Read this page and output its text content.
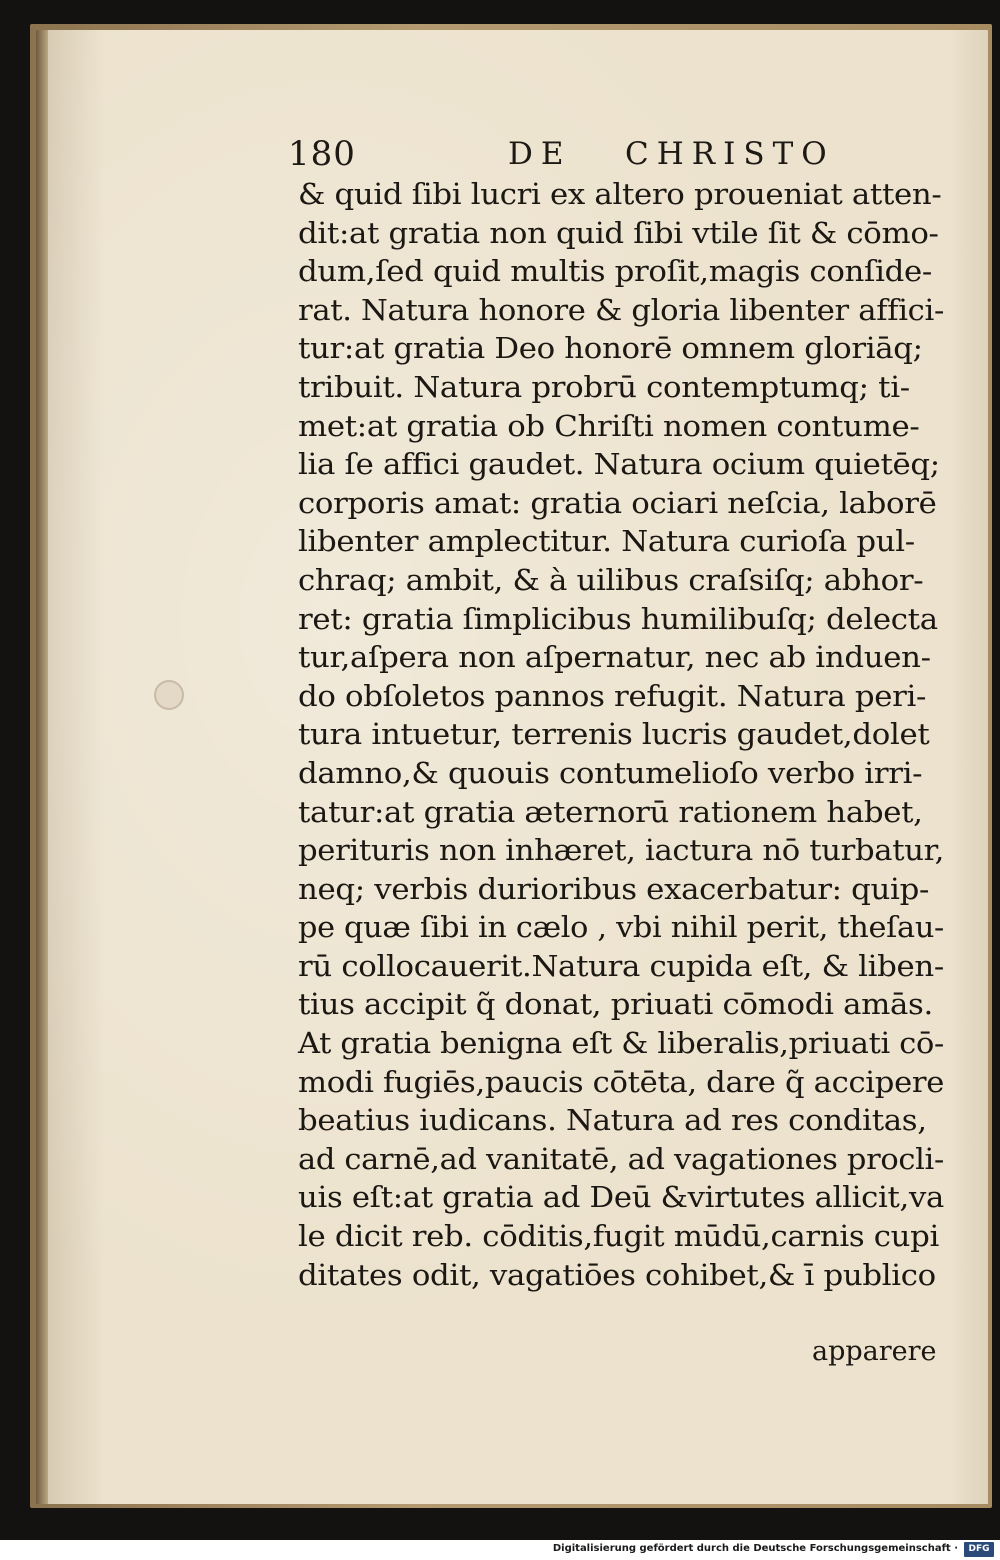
180	DE   CHRISTO
& quid ſibi lucri ex altero proueniat atten-
dit:at gratia non quid ſibi vtile ſit & cōmo-
dum,ſed quid multis proſit,magis conſide-
rat. Natura honore & gloria libenter affici-
tur:at gratia Deo honorē omnem gloriāq;
tribuit. Natura probrū contemptumq; ti-
met:at gratia ob Chriſti nomen contume-
lia ſe affici gaudet. Natura ocium quietēq;
corporis amat: gratia ociari neſcia, laborē
libenter amplectitur. Natura curioſa pul-
chraq; ambit, & à uilibus craſsiſq; abhor-
ret: gratia ſimplicibus humilibuſq; delecta
tur,aſpera non aſpernatur, nec ab induen-
do obſoletos pannos refugit. Natura peri-
tura intuetur, terrenis lucris gaudet,dolet
damno,& quouis contumelioſo verbo irri-
tatur:at gratia æternorū rationem habet,
perituris non inhæret, iactura nō turbatur,
neq; verbis durioribus exacerbatur: quip-
pe quæ ſibi in cælo , vbi nihil perit, theſau-
rū collocauerit.Natura cupida eſt, & liben-
tius accipit q̃ donat, priuati cōmodi amās.
At gratia benigna eſt & liberalis,priuati cō-
modi fugiēs,paucis cōtēta, dare q̃ accipere
beatius iudicans. Natura ad res conditas,
ad carnē,ad vanitatē, ad vagationes procli-
uis eſt:at gratia ad Deū &virtutes allicit,va
le dicit reb. cōditis,fugit mūdū,carnis cupi
ditates odit, vagatiōes cohibet,& ī publico
apparere
Digitalisierung gefördert durch die Deutsche Forschungsgemeinschaft ·	DFG
